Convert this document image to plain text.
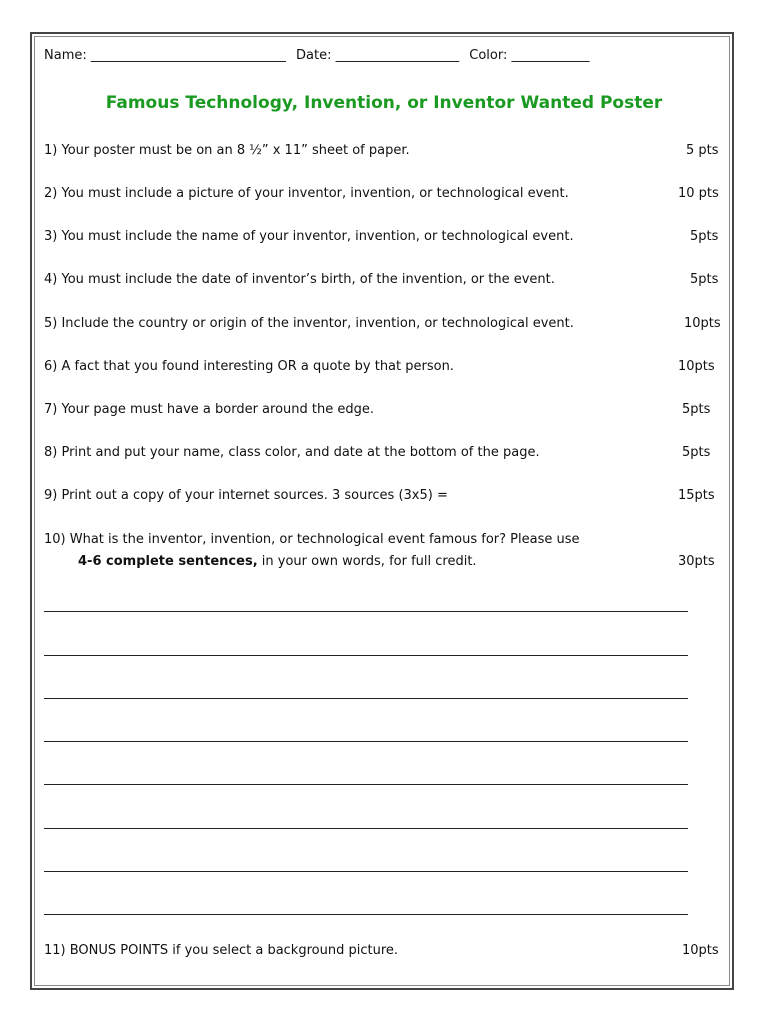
Name: ______________________________ Date: ___________________ Color: ____________
Famous Technology, Invention, or Inventor Wanted Poster
1) Your poster must be on an 8 ½” x 11” sheet of paper.	5 pts
2) You must include a picture of your inventor, invention, or technological event.	10 pts
3) You must include the name of your inventor, invention, or technological event.	5pts
4) You must include the date of inventor’s birth, of the invention, or the event.	5pts
5) Include the country or origin of the inventor, invention, or technological event.	10pts
6) A fact that you found interesting OR a quote by that person.	10pts
7) Your page must have a border around the edge.	5pts
8) Print and put your name, class color, and date at the bottom of the page.	5pts
9) Print out a copy of your internet sources. 3 sources (3x5) =	15pts
10) What is the inventor, invention, or technological event famous for? Please use
4-6 complete sentences, in your own words, for full credit.	30pts
11) BONUS POINTS if you select a background picture.	10pts
